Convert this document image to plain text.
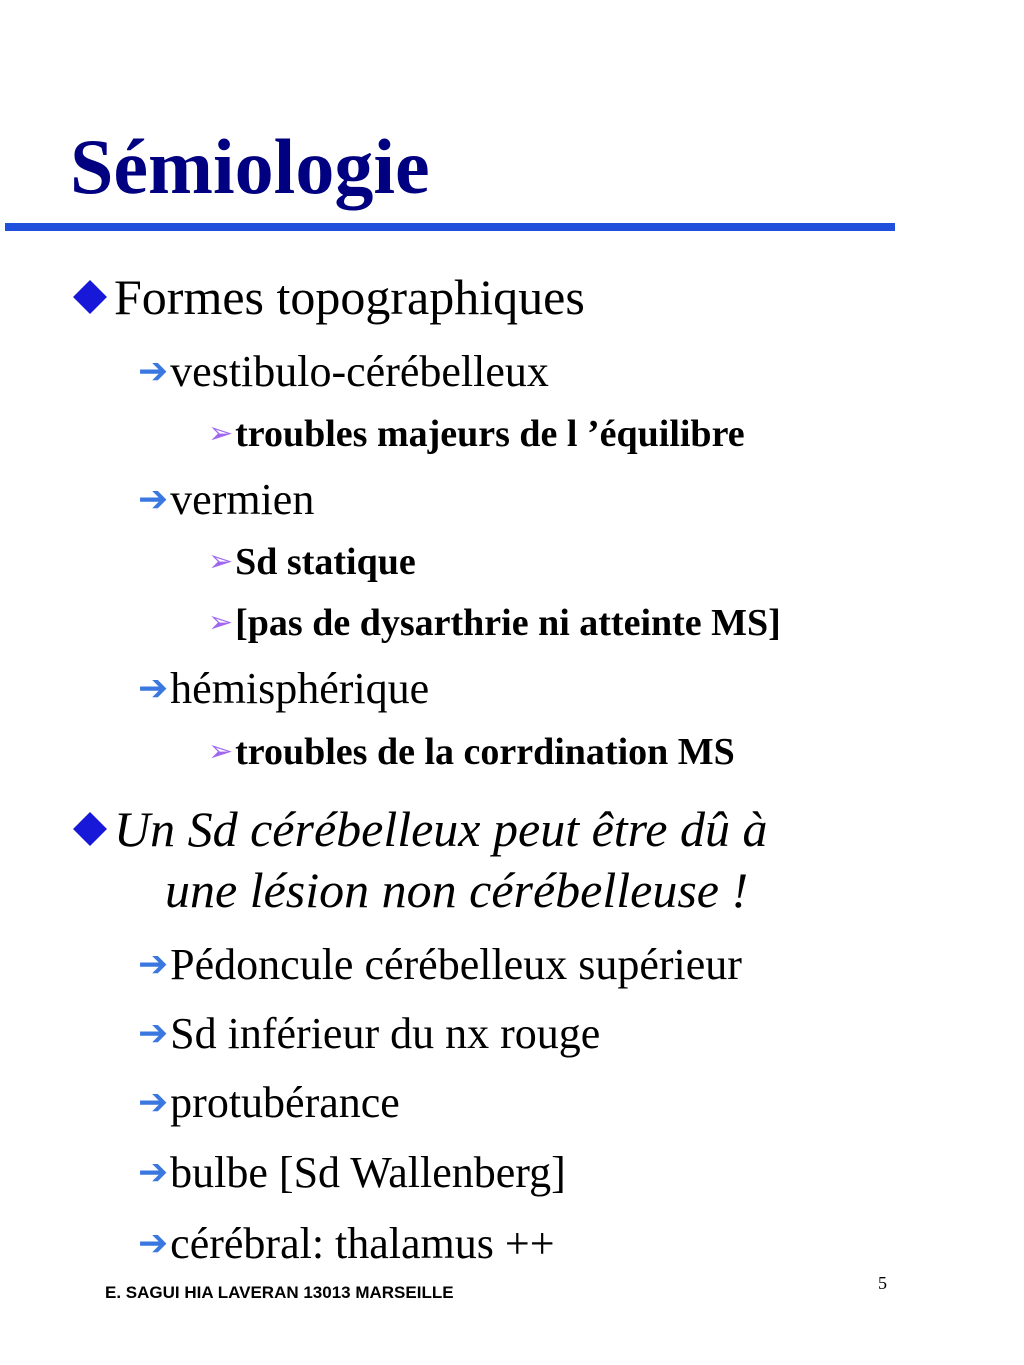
Sémiologie
Formes topographiques
➔vestibulo-cérébelleux
➢troubles majeurs de l ’équilibre
➔vermien
➢Sd statique
➢[pas de dysarthrie ni atteinte MS]
➔hémisphérique
➢troubles de la corrdination MS
Un Sd cérébelleux peut être dû à
une lésion non cérébelleuse !
➔Pédoncule cérébelleux supérieur
➔Sd inférieur du nx rouge
➔protubérance
➔bulbe [Sd Wallenberg]
➔cérébral: thalamus ++
5
E. SAGUI HIA LAVERAN 13013 MARSEILLE
